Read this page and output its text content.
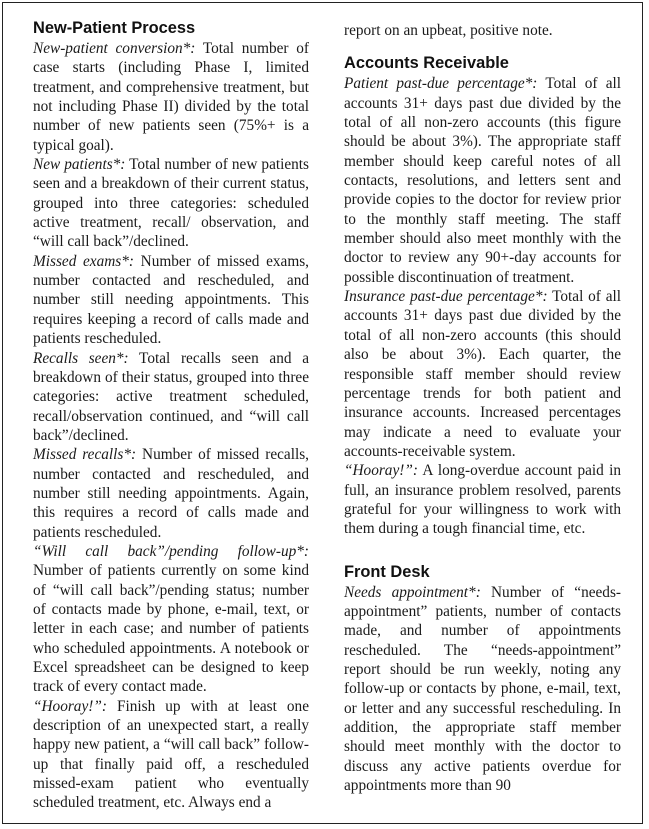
New-Patient Process

New-patient conversion*: Total number of case starts (including Phase I, limited treatment, and comprehensive treatment, but not including Phase II) divided by the total number of new patients seen (75%+ is a typical goal).

New patients*: Total number of new patients seen and a breakdown of their current status, grouped into three categories: scheduled active treatment, recall/ observation, and “will call back”/declined.

Missed exams*: Number of missed exams, number contacted and rescheduled, and number still needing appointments. This requires keeping a record of calls made and patients rescheduled.

Recalls seen*: Total recalls seen and a breakdown of their status, grouped into three categories: active treatment scheduled, recall/observation continued, and “will call back”/declined.

Missed recalls*: Number of missed recalls, number contacted and rescheduled, and number still needing appointments. Again, this requires a record of calls made and patients rescheduled.

“Will call back”/pending follow-up*: Number of patients currently on some kind of “will call back”/pending status; number of contacts made by phone, e-mail, text, or letter in each case; and number of patients who scheduled appointments. A notebook or Excel spreadsheet can be designed to keep track of every contact made.

“Hooray!”: Finish up with at least one description of an unexpected start, a really happy new patient, a “will call back” follow-up that finally paid off, a rescheduled missed-exam patient who eventually scheduled treatment, etc. Always end a

report on an upbeat, positive note.

Accounts Receivable

Patient past-due percentage*: Total of all accounts 31+ days past due divided by the total of all non-zero accounts (this figure should be about 3%). The appropriate staff member should keep careful notes of all contacts, resolutions, and letters sent and provide copies to the doctor for review prior to the monthly staff meeting. The staff member should also meet monthly with the doctor to review any 90+-day accounts for possible discontinuation of treatment.

Insurance past-due percentage*: Total of all accounts 31+ days past due divided by the total of all non-zero accounts (this should also be about 3%). Each quarter, the responsible staff member should review percentage trends for both patient and insurance accounts. Increased percentages may indicate a need to evaluate your accounts-receivable system.

“Hooray!”: A long-overdue account paid in full, an insurance problem resolved, parents grateful for your willingness to work with them during a tough financial time, etc.

Front Desk

Needs appointment*: Number of “needs-appointment” patients, number of contacts made, and number of appointments rescheduled. The “needs-appointment” report should be run weekly, noting any follow-up or contacts by phone, e-mail, text, or letter and any successful rescheduling. In addition, the appropriate staff member should meet monthly with the doctor to discuss any active patients overdue for appointments more than 90
